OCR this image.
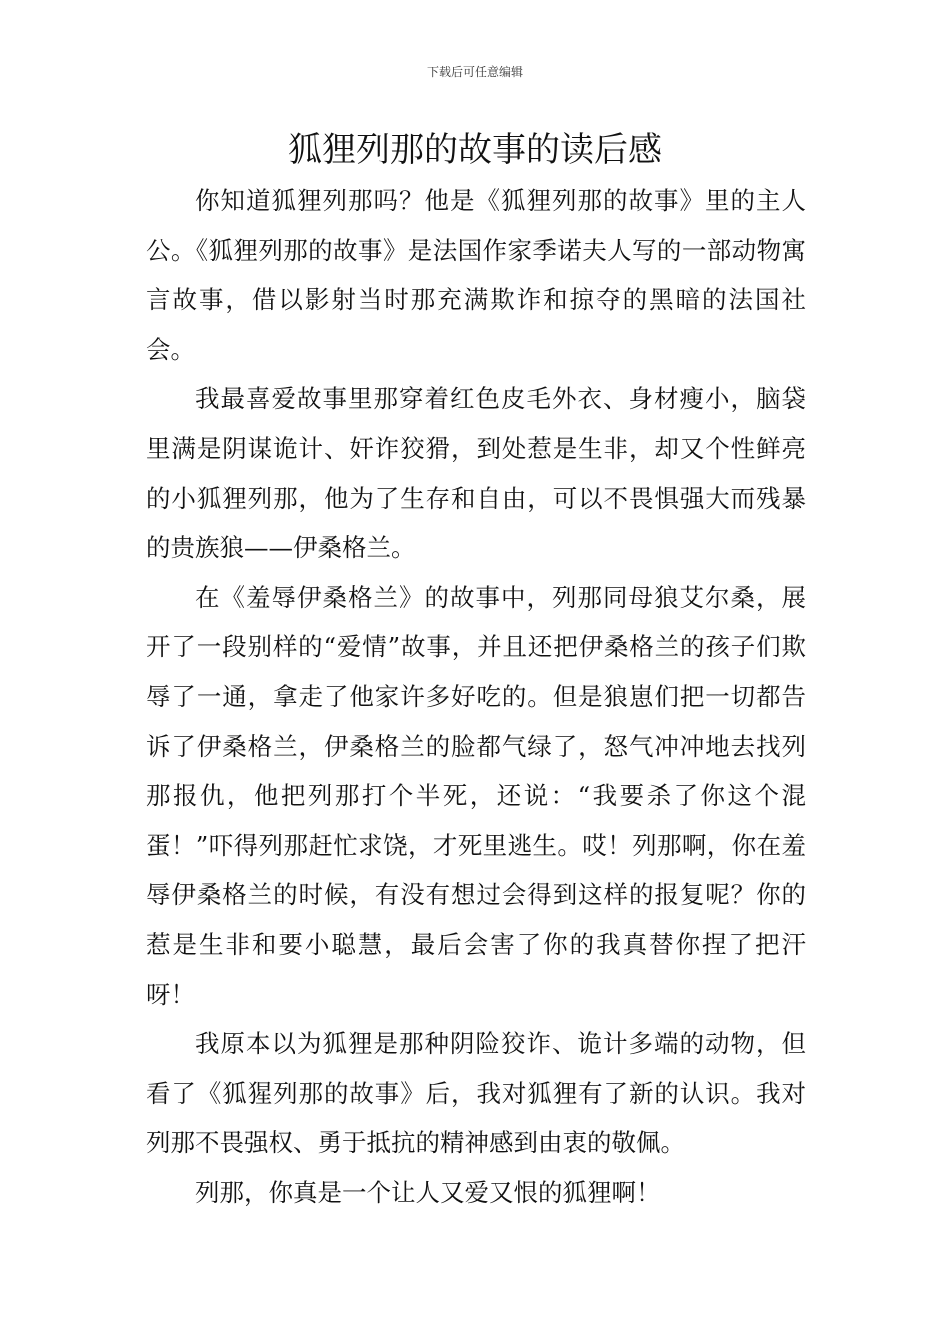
下载后可任意编辑
狐狸列那的故事的读后感

你知道狐狸列那吗？他是《狐狸列那的故事》里的主人公。《狐狸列那的故事》是法国作家季诺夫人写的一部动物寓言故事，借以影射当时那充满欺诈和掠夺的黑暗的法国社会。

我最喜爱故事里那穿着红色皮毛外衣、身材瘦小，脑袋里满是阴谋诡计、奸诈狡猾，到处惹是生非，却又个性鲜亮的小狐狸列那，他为了生存和自由，可以不畏惧强大而残暴的贵族狼——伊桑格兰。

在《羞辱伊桑格兰》的故事中，列那同母狼艾尔桑，展开了一段别样的“爱情”故事，并且还把伊桑格兰的孩子们欺辱了一通，拿走了他家许多好吃的。但是狼崽们把一切都告诉了伊桑格兰，伊桑格兰的脸都气绿了，怒气冲冲地去找列那报仇，他把列那打个半死，还说：“我要杀了你这个混蛋！”吓得列那赶忙求饶，才死里逃生。哎！列那啊，你在羞辱伊桑格兰的时候，有没有想过会得到这样的报复呢？你的惹是生非和要小聪慧，最后会害了你的我真替你捏了把汗呀！

我原本以为狐狸是那种阴险狡诈、诡计多端的动物，但看了《狐猩列那的故事》后，我对狐狸有了新的认识。我对列那不畏强权、勇于抵抗的精神感到由衷的敬佩。

列那，你真是一个让人又爱又恨的狐狸啊！
